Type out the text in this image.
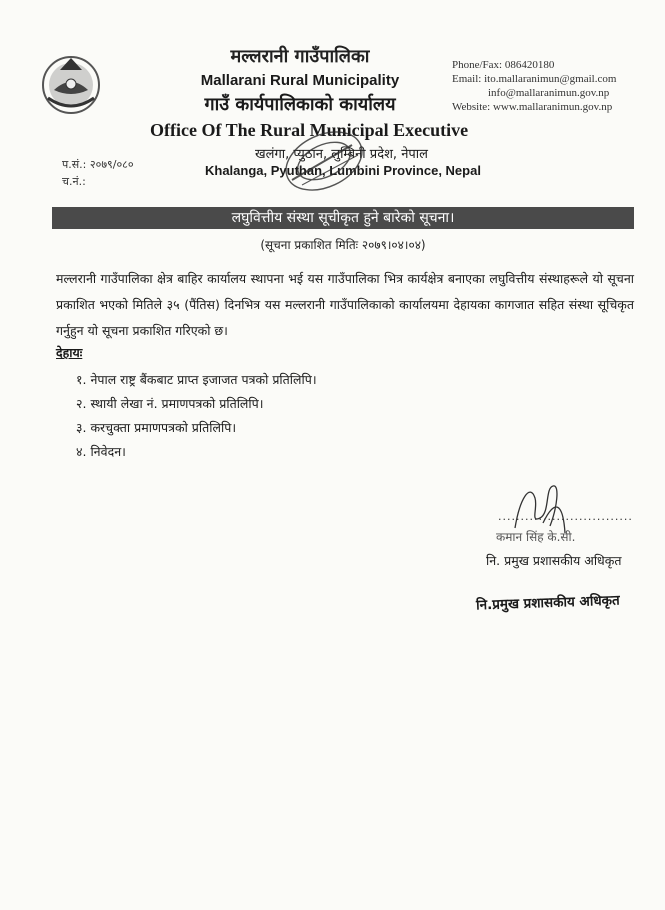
मल्लरानी गाउँपालिका
Mallarani Rural Municipality
गाउँ कार्यपालिकाको कार्यालय
Office Of The Rural Municipal Executive
खलंगा, प्युठान, लुम्बिनी प्रदेश, नेपाल
Khalanga, Pyuthan, Lumbini Province, Nepal
Phone/Fax: 086420180
Email: ito.mallaranimun@gmail.com
info@mallaranimun.gov.np
Website: www.mallaranimun.gov.np
प.सं.: २०७९/०८०
च.नं.:
लघुवित्तीय संस्था सूचीकृत हुने बारेको सूचना।
(सूचना प्रकाशित मितिः २०७९।०४।०४)
मल्लरानी गाउँपालिका क्षेत्र बाहिर कार्यालय स्थापना भई यस गाउँपालिका भित्र कार्यक्षेत्र बनाएका लघुवित्तीय संस्थाहरूले यो सूचना प्रकाशित भएको मितिले ३५ (पैंतिस) दिनभित्र यस मल्लरानी गाउँपालिकाको कार्यालयमा देहायका कागजात सहित संस्था सूचिकृत गर्नुहुन यो सूचना प्रकाशित गरिएको छ।
देहायः
१. नेपाल राष्ट्र बैंकबाट प्राप्त इजाजत पत्रको प्रतिलिपि।
२. स्थायी लेखा नं. प्रमाणपत्रको प्रतिलिपि।
३. करचुक्ता प्रमाणपत्रको प्रतिलिपि।
४. निवेदन।
..............................
कमान सिंह के.सी.
नि. प्रमुख प्रशासकीय अधिकृत
नि.प्रमुख प्रशासकीय अधिकृत
